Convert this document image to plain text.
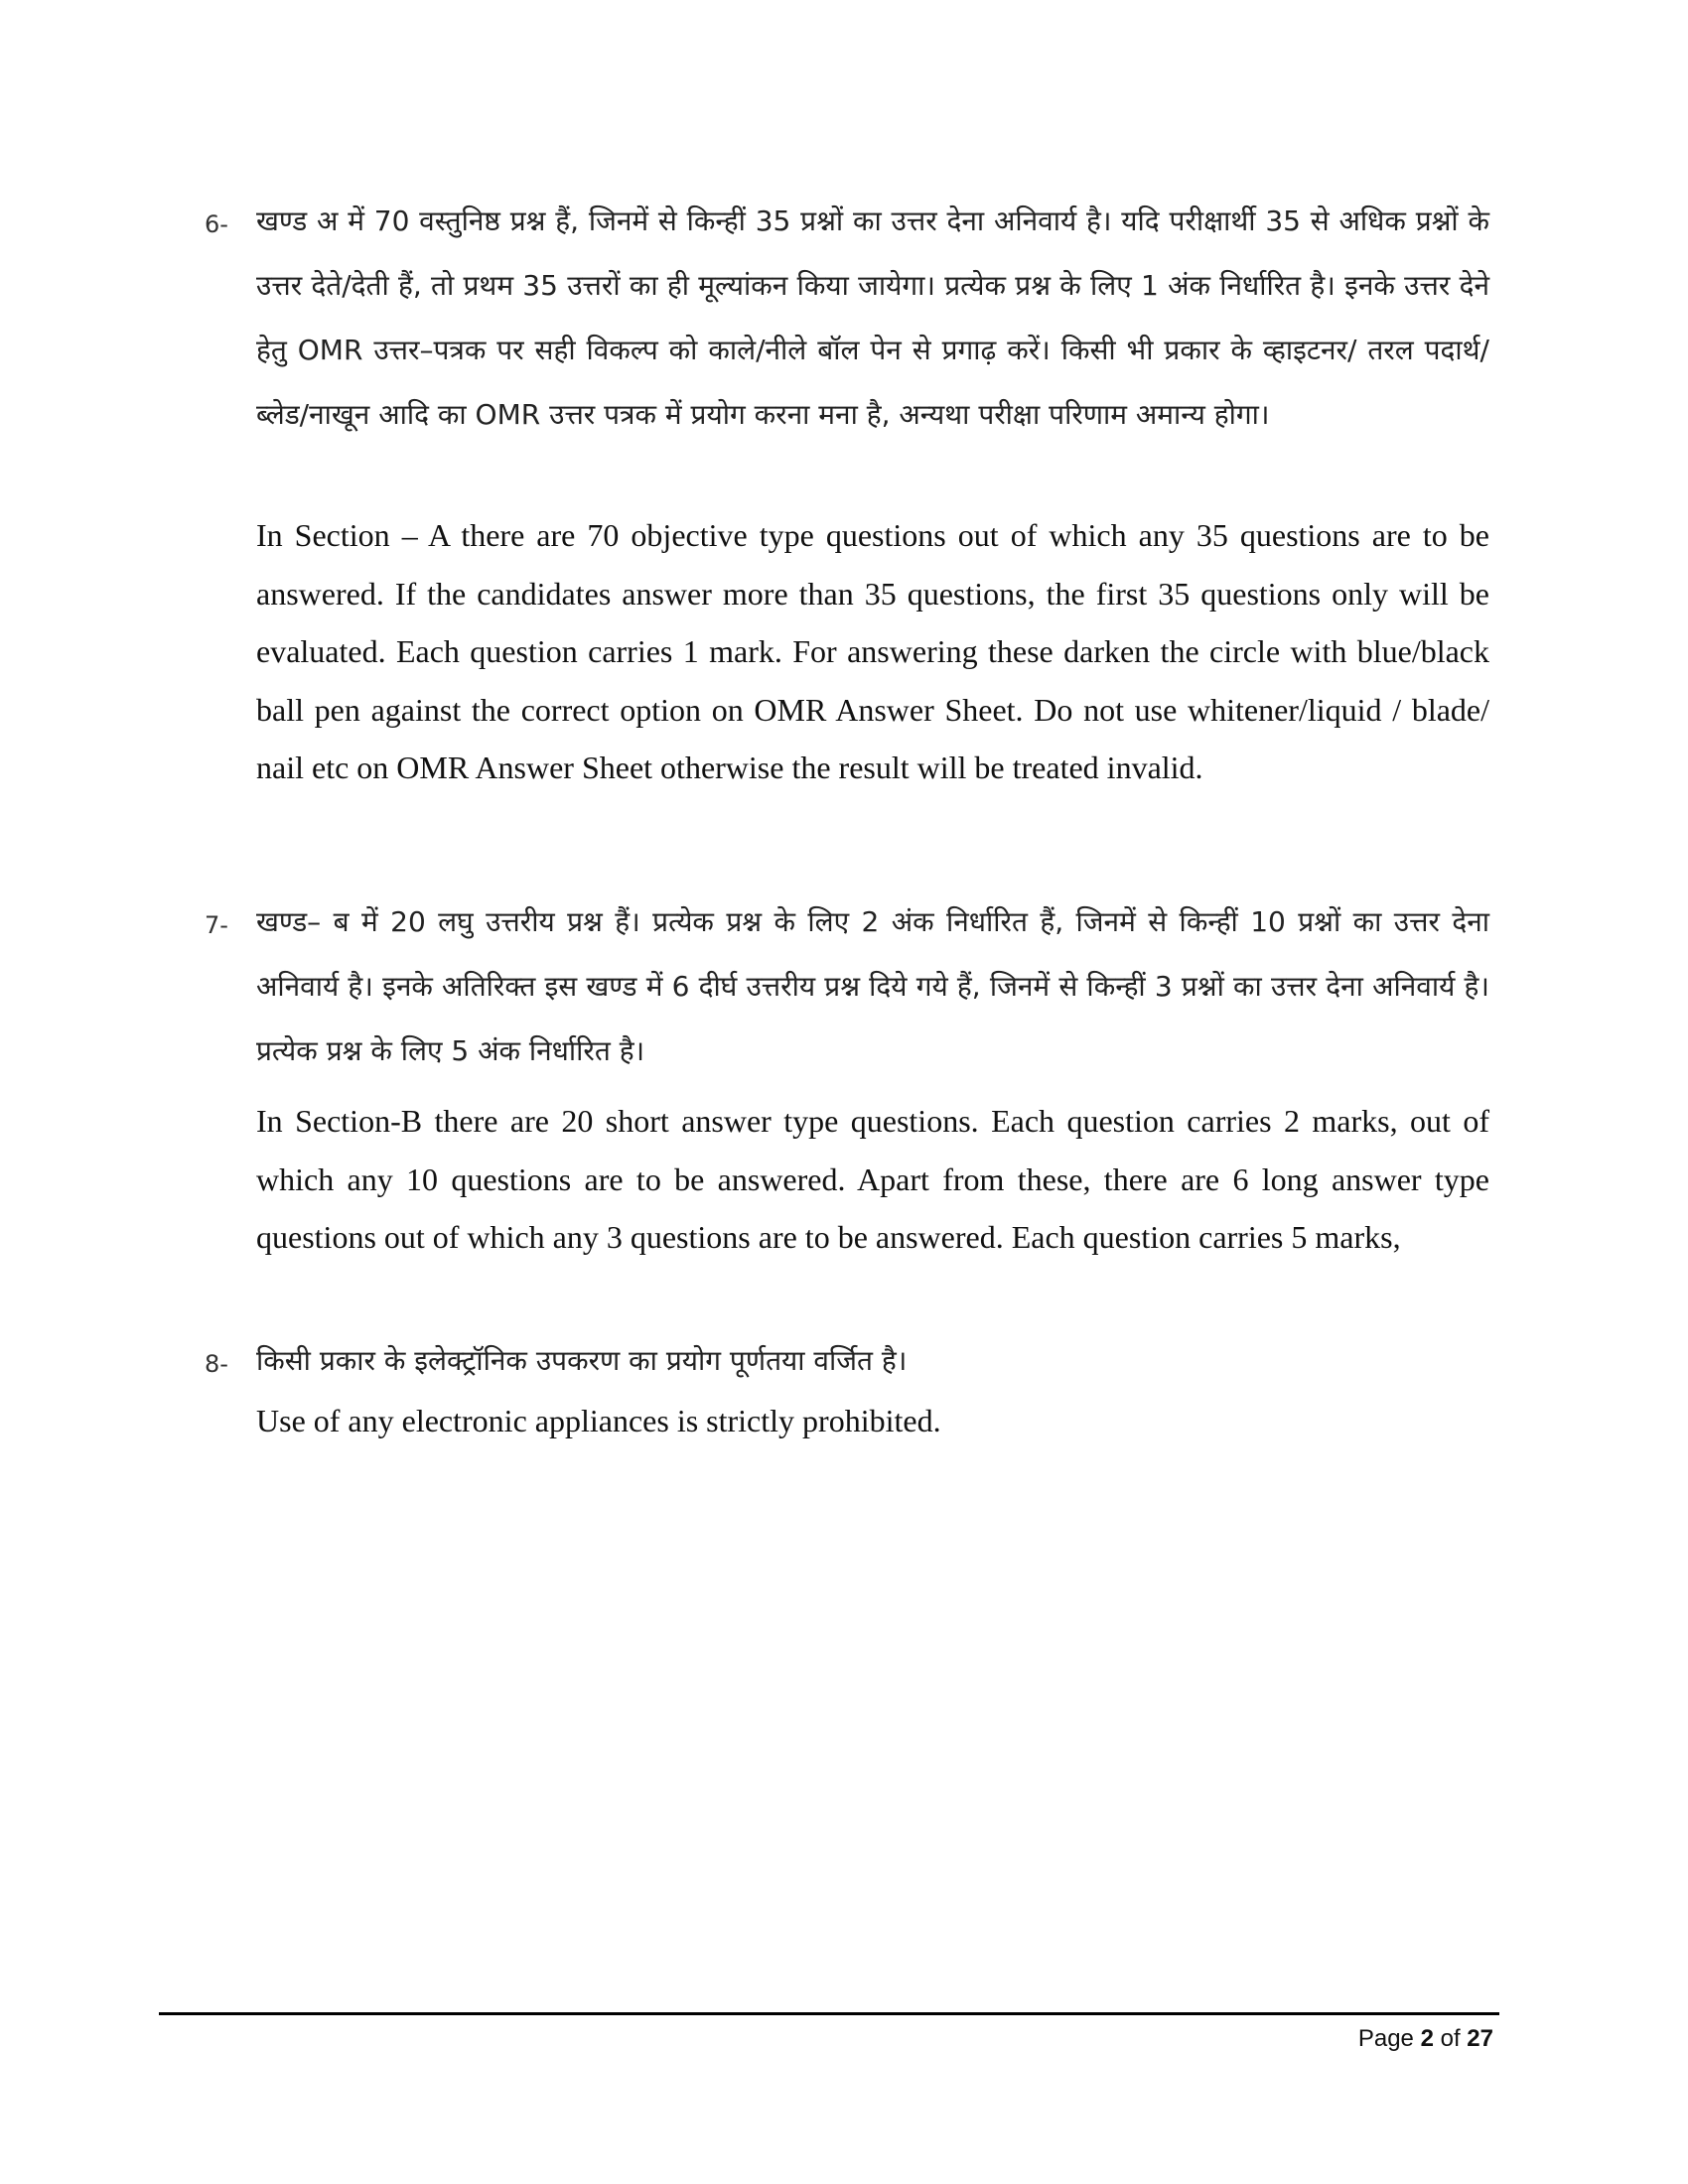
6-	खण्ड अ में 70 वस्तुनिष्ठ प्रश्न हैं, जिनमें से किन्हीं 35 प्रश्नों का उत्तर देना अनिवार्य है। यदि परीक्षार्थी 35 से अधिक प्रश्नों के उत्तर देते/देती हैं, तो प्रथम 35 उत्तरों का ही मूल्यांकन किया जायेगा। प्रत्येक प्रश्न के लिए 1 अंक निर्धारित है। इनके उत्तर देने हेतु OMR उत्तर–पत्रक पर सही विकल्प को काले/नीले बॉल पेन से प्रगाढ़ करें। किसी भी प्रकार के व्हाइटनर/ तरल पदार्थ/ ब्लेड/नाखून आदि का OMR उत्तर पत्रक में प्रयोग करना मना है, अन्यथा परीक्षा परिणाम अमान्य होगा।

In Section – A there are 70 objective type questions out of which any 35 questions are to be answered. If the candidates answer more than 35 questions, the first 35 questions only will be evaluated. Each question carries 1 mark. For answering these darken the circle with blue/black ball pen against the correct option on OMR Answer Sheet. Do not use whitener/liquid / blade/ nail etc on OMR Answer Sheet otherwise the result will be treated invalid.

7-	खण्ड– ब में 20 लघु उत्तरीय प्रश्न हैं। प्रत्येक प्रश्न के लिए 2 अंक निर्धारित हैं, जिनमें से किन्हीं 10 प्रश्नों का उत्तर देना अनिवार्य है। इनके अतिरिक्त इस खण्ड में 6 दीर्घ उत्तरीय प्रश्न दिये गये हैं, जिनमें से किन्हीं 3 प्रश्नों का उत्तर देना अनिवार्य है। प्रत्येक प्रश्न के लिए 5 अंक निर्धारित है।

In Section-B there are 20 short answer type questions. Each question carries 2 marks, out of which any 10 questions are to be answered. Apart from these, there are 6 long answer type questions out of which any 3 questions are to be answered. Each question carries 5 marks,

8-	किसी प्रकार के इलेक्ट्रॉनिक उपकरण का प्रयोग पूर्णतया वर्जित है।

Use of any electronic appliances is strictly prohibited.

Page 2 of 27
